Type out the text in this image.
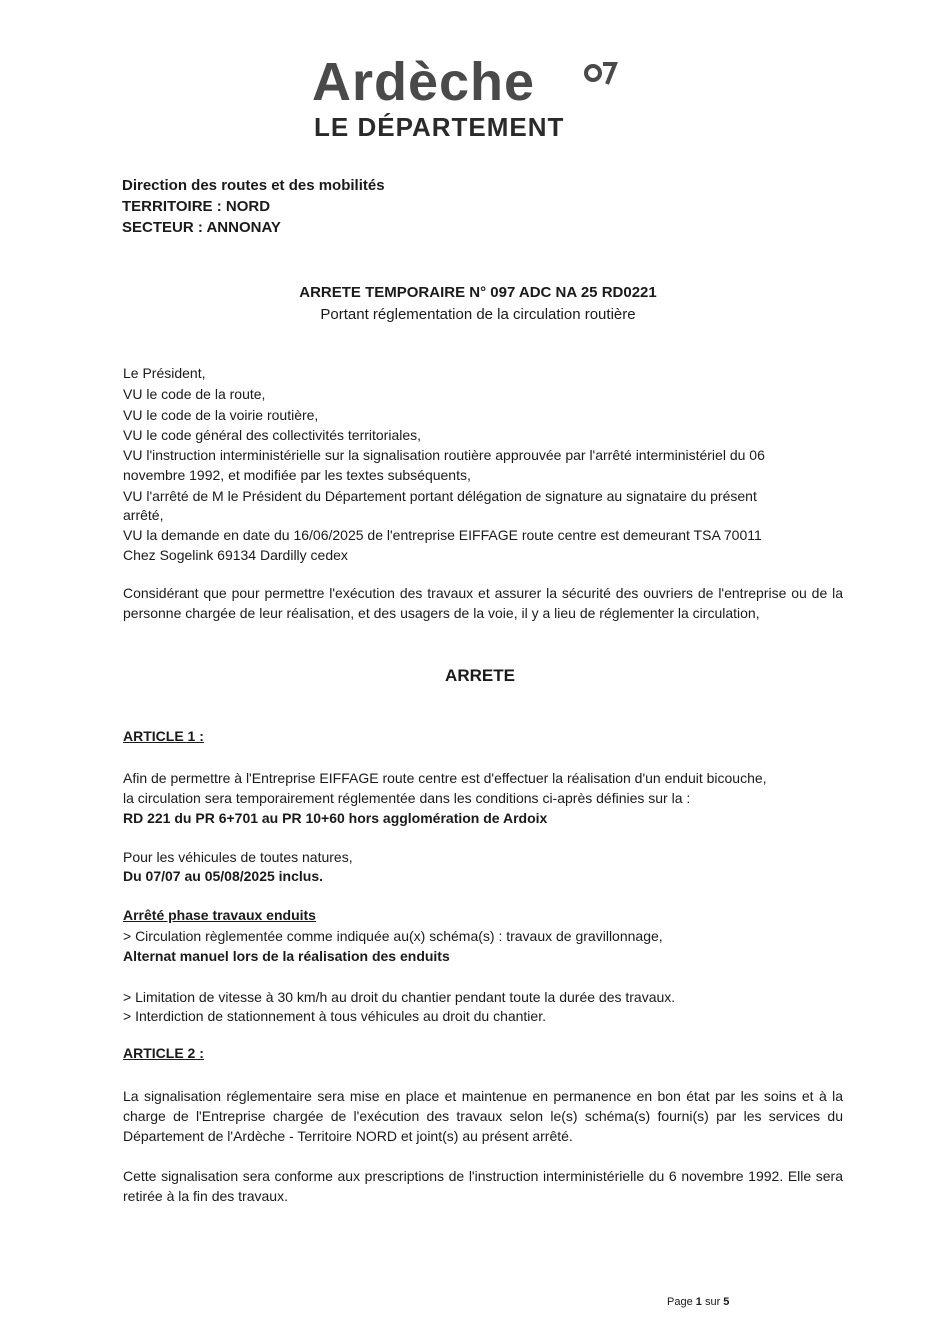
Ardèche
LE DÉPARTEMENT
Direction des routes et des mobilités
TERRITOIRE : NORD
SECTEUR : ANNONAY
ARRETE TEMPORAIRE N° 097 ADC NA 25 RD0221
Portant réglementation de la circulation routière
Le Président,
VU le code de la route,
VU le code de la voirie routière,
VU le code général des collectivités territoriales,
VU l'instruction interministérielle sur la signalisation routière approuvée par l'arrêté interministériel du 06
novembre 1992, et modifiée par les textes subséquents,
VU l'arrêté de M le Président du Département portant délégation de signature au signataire du présent
arrêté,
VU la demande en date du 16/06/2025 de l'entreprise EIFFAGE route centre est demeurant TSA 70011
Chez Sogelink 69134 Dardilly cedex
Considérant que pour permettre l'exécution des travaux et assurer la sécurité des ouvriers de l'entreprise ou de la personne chargée de leur réalisation, et des usagers de la voie, il y a lieu de réglementer la circulation,
ARRETE
ARTICLE 1 :
Afin de permettre à l'Entreprise EIFFAGE route centre est d'effectuer la réalisation d'un enduit bicouche,
la circulation sera temporairement réglementée dans les conditions ci-après définies sur la :
RD 221 du PR 6+701 au PR 10+60 hors agglomération de Ardoix
Pour les véhicules de toutes natures,
Du 07/07 au 05/08/2025 inclus.
Arrêté phase travaux enduits
> Circulation règlementée comme indiquée au(x) schéma(s) : travaux de gravillonnage,
Alternat manuel lors de la réalisation des enduits
> Limitation de vitesse à 30 km/h au droit du chantier pendant toute la durée des travaux.
> Interdiction de stationnement à tous véhicules au droit du chantier.
ARTICLE 2 :
La signalisation réglementaire sera mise en place et maintenue en permanence en bon état par les soins et à la charge de l'Entreprise chargée de l'exécution des travaux selon le(s) schéma(s) fourni(s) par les services du Département de l'Ardèche - Territoire NORD et joint(s) au présent arrêté.
Cette signalisation sera conforme aux prescriptions de l'instruction interministérielle du 6 novembre 1992. Elle sera retirée à la fin des travaux.
Page 1 sur 5
